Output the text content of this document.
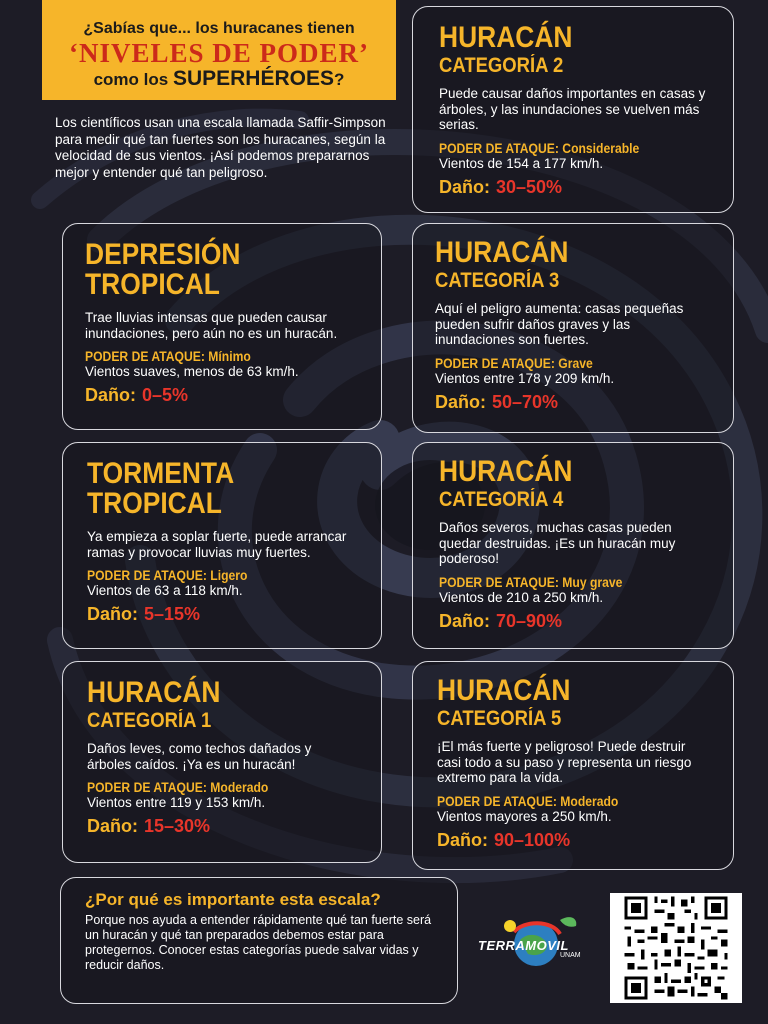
¿Sabías que... los huracanes tienen
‘NIVELES DE PODER’
como los SUPERHÉROES?
Los científicos usan una escala llamada Saffir-Simpson para medir qué tan fuertes son los huracanes, según la velocidad de sus vientos. ¡Así podemos prepararnos mejor y entender qué tan peligroso.
DEPRESIÓN
TROPICAL
Trae lluvias intensas que pueden causar inundaciones, pero aún no es un huracán.
PODER DE ATAQUE: Mínimo
Vientos suaves, menos de 63 km/h.
Daño: 0–5%
TORMENTA
TROPICAL
Ya empieza a soplar fuerte, puede arrancar ramas y provocar lluvias muy fuertes.
PODER DE ATAQUE: Ligero
Vientos de 63 a 118 km/h.
Daño: 5–15%
HURACÁN
CATEGORÍA 1
Daños leves, como techos dañados y árboles caídos. ¡Ya es un huracán!
PODER DE ATAQUE: Moderado
Vientos entre 119 y 153 km/h.
Daño: 15–30%
HURACÁN
CATEGORÍA 2
Puede causar daños importantes en casas y árboles, y las inundaciones se vuelven más serias.
PODER DE ATAQUE: Considerable
Vientos de 154 a 177 km/h.
Daño: 30–50%
HURACÁN
CATEGORÍA 3
Aquí el peligro aumenta: casas pequeñas pueden sufrir daños graves y las inundaciones son fuertes.
PODER DE ATAQUE: Grave
Vientos entre 178 y 209 km/h.
Daño: 50–70%
HURACÁN
CATEGORÍA 4
Daños severos, muchas casas pueden quedar destruidas. ¡Es un huracán muy poderoso!
PODER DE ATAQUE: Muy grave
Vientos de 210 a 250 km/h.
Daño: 70–90%
HURACÁN
CATEGORÍA 5
¡El más fuerte y peligroso! Puede destruir casi todo a su paso y representa un riesgo extremo para la vida.
PODER DE ATAQUE: Moderado
Vientos mayores a 250 km/h.
Daño: 90–100%
¿Por qué es importante esta escala?
Porque nos ayuda a entender rápidamente qué tan fuerte será un huracán y qué tan preparados debemos estar para protegernos. Conocer estas categorías puede salvar vidas y reducir daños.
TERRAMOVIL
UNAM
